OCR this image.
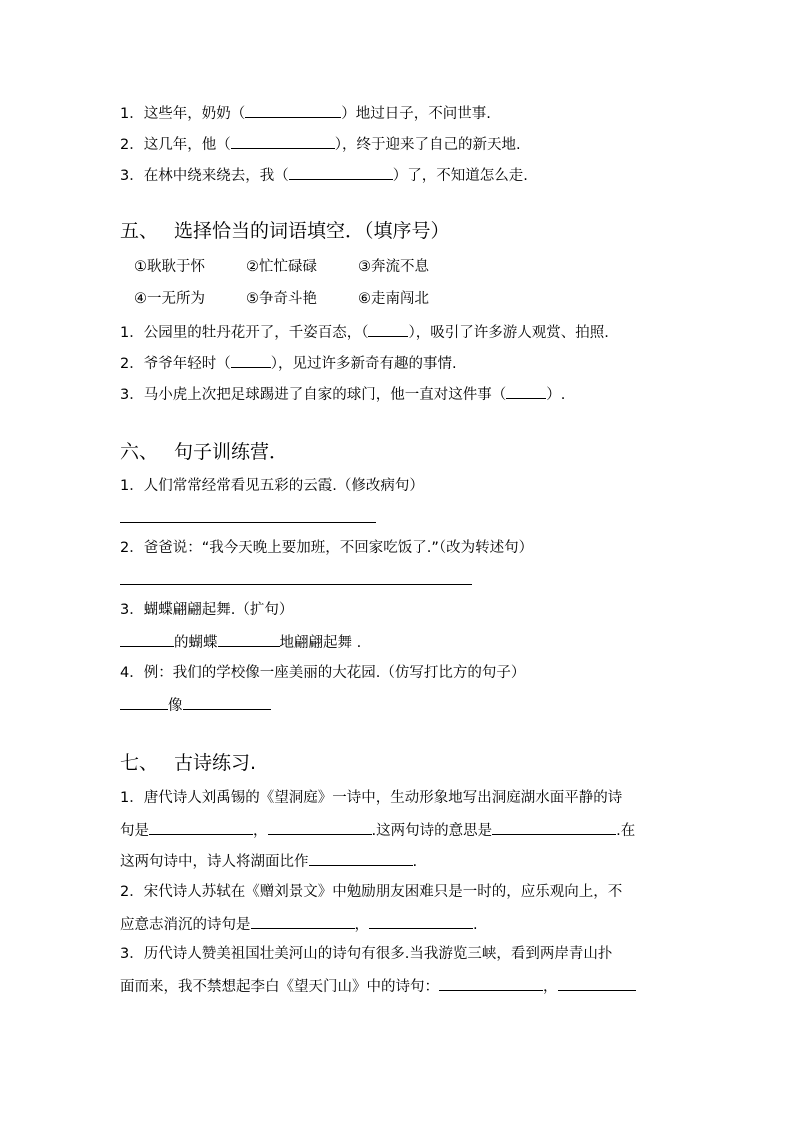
1．这些年，奶奶（	）地过日子，不问世事.
2．这几年，他（	），终于迎来了自己的新天地.
3．在林中绕来绕去，我（	）了，不知道怎么走.
五、 选择恰当的词语填空．（填序号）
①耿耿于怀	②忙忙碌碌	③奔流不息
④一无所为	⑤争奇斗艳	⑥走南闯北
1．公园里的牡丹花开了，千姿百态，（	），吸引了许多游人观赏、拍照.
2．爷爷年轻时（	），见过许多新奇有趣的事情.
3．马小虎上次把足球踢进了自家的球门，他一直对这件事（	）.
六、 句子训练营．
1．人们常常经常看见五彩的云霞.（修改病句）
2．爸爸说：“我今天晚上要加班，不回家吃饭了.”（改为转述句）
3．蝴蝶翩翩起舞.（扩句）
的蝴蝶	地翩翩起舞 .
4．例：我们的学校像一座美丽的大花园.（仿写打比方的句子）
像
七、 古诗练习.
1．唐代诗人刘禹锡的《望洞庭》一诗中，生动形象地写出洞庭湖水面平静的诗
句是	，	.这两句诗的意思是	.在
这两句诗中，诗人将湖面比作	.
2．宋代诗人苏轼在《赠刘景文》中勉励朋友困难只是一时的，应乐观向上，不
应意志消沉的诗句是	，	.
3．历代诗人赞美祖国壮美河山的诗句有很多.当我游览三峡，看到两岸青山扑
面而来，我不禁想起李白《望天门山》中的诗句：	，
